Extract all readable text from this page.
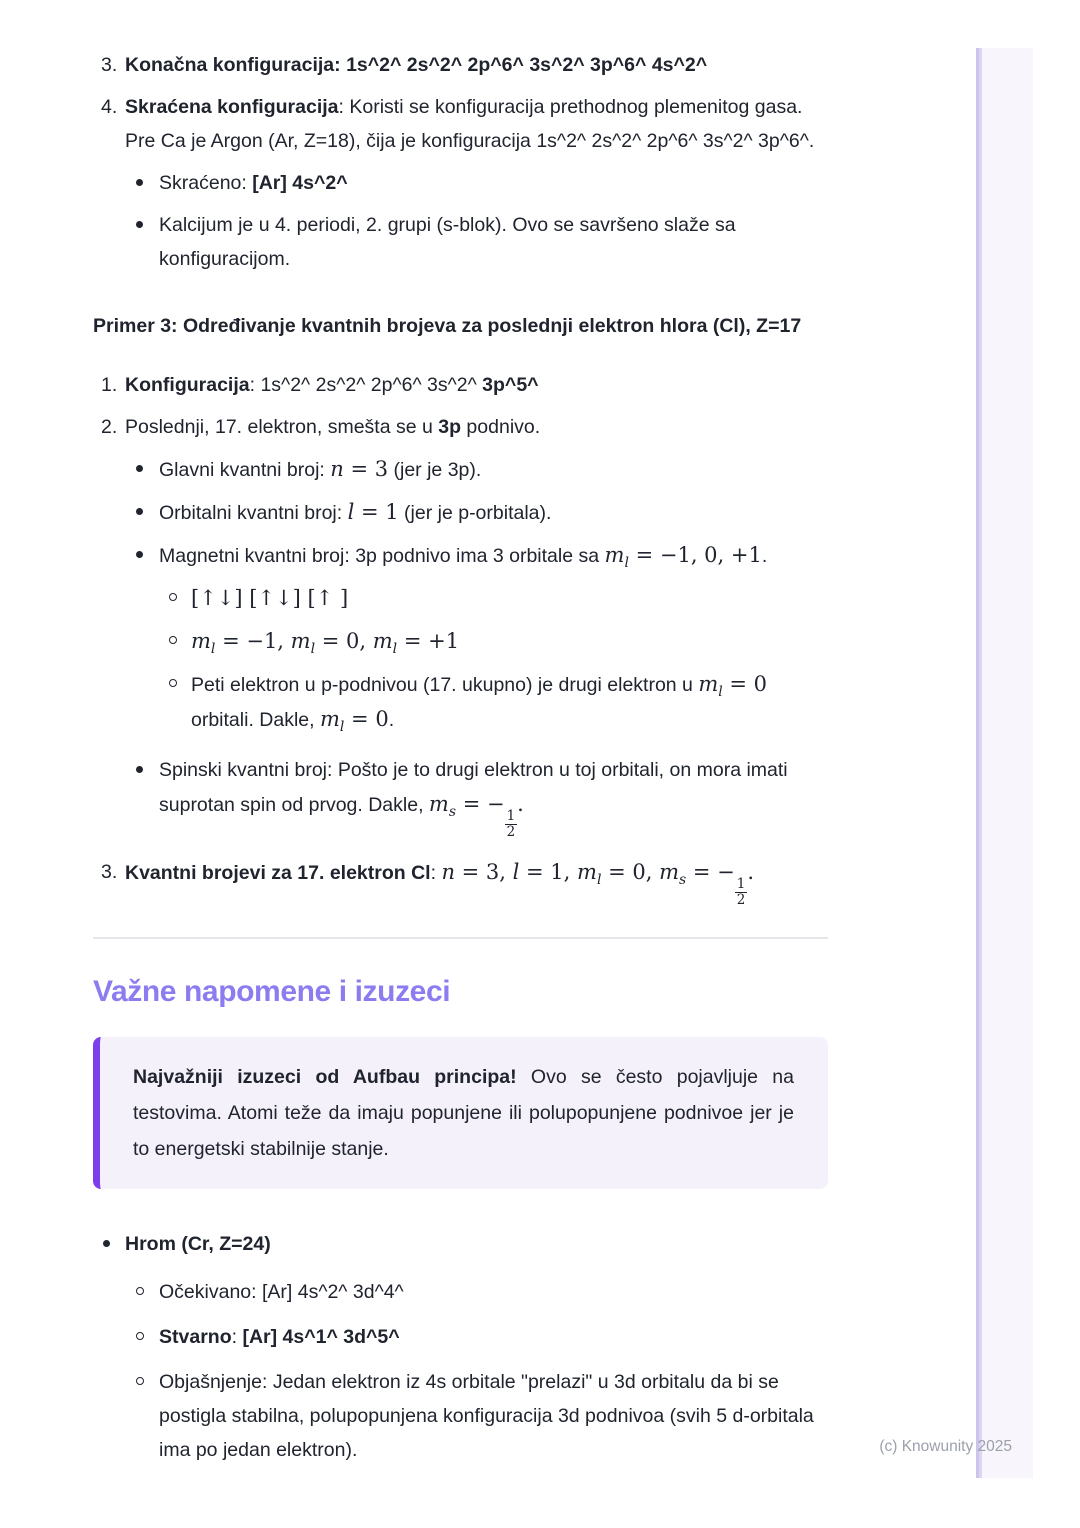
(c) Knowunity 2025
3. Konačna konfiguracija: 1s^2^ 2s^2^ 2p^6^ 3s^2^ 3p^6^ 4s^2^
4. Skraćena konfiguracija: Koristi se konfiguracija prethodnog plemenitog gasa. Pre Ca je Argon (Ar, Z=18), čija je konfiguracija 1s^2^ 2s^2^ 2p^6^ 3s^2^ 3p^6^.
Skraćeno: [Ar] 4s^2^
Kalcijum je u 4. periodi, 2. grupi (s-blok). Ovo se savršeno slaže sa konfiguracijom.

Primer 3: Određivanje kvantnih brojeva za poslednji elektron hlora (Cl), Z=17

1. Konfiguracija: 1s^2^ 2s^2^ 2p^6^ 3s^2^ 3p^5^
2. Poslednji, 17. elektron, smešta se u 3p podnivo.
Glavni kvantni broj: n = 3 (jer je 3p).
Orbitalni kvantni broj: l = 1 (jer je p-orbitala).
Magnetni kvantni broj: 3p podnivo ima 3 orbitale sa $m_l = -1$, 0, +1.
[↑↓] [↑↓] [↑ ]
$m_l = -1$, $m_l = 0$, $m_l = +1$
Peti elektron u p-podnivou (17. ukupno) je drugi elektron u $m_l = 0$ orbitali. Dakle, $m_l = 0$.
Spinski kvantni broj: Pošto je to drugi elektron u toj orbitali, on mora imati suprotan spin od prvog. Dakle, $m_s$ = −
$\frac{1}{2}$
.
3. Kvantni brojevi za 17. elektron Cl: n = 3, l = 1, $m_l = 0$, $m_s$ = −
$\frac{1}{2}$
.
Važne napomene i izuzeci
Najvažniji izuzeci od Aufbau principa! Ovo se često pojavljuje na testovima. Atomi teže da imaju popunjene ili polupopunjene podnivoe jer je to energetski stabilnije stanje.
Hrom (Cr, Z=24)
Očekivano: [Ar] 4s^2^ 3d^4^
Stvarno: [Ar] 4s^1^ 3d^5^
Objašnjenje: Jedan elektron iz 4s orbitale "prelazi" u 3d orbitalu da bi se postigla stabilna, polupopunjena konfiguracija 3d podnivoa (svih 5 d-orbitala ima po jedan elektron).
